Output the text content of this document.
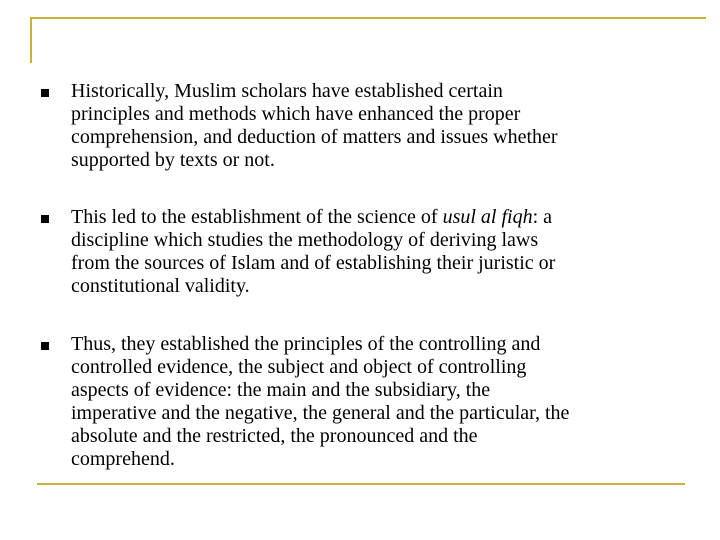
Historically, Muslim scholars have established certain
principles and methods which have enhanced the proper
comprehension, and deduction of matters and issues whether
supported by texts or not.
This led to the establishment of the science of usul al fiqh: a
discipline which studies the methodology of deriving laws
from the sources of Islam and of establishing their juristic or
constitutional validity.
Thus, they established the principles of the controlling and
controlled evidence, the subject and object of controlling
aspects of evidence: the main and the subsidiary, the
imperative and the negative, the general and the particular, the
absolute and the restricted, the pronounced and the
comprehend.
